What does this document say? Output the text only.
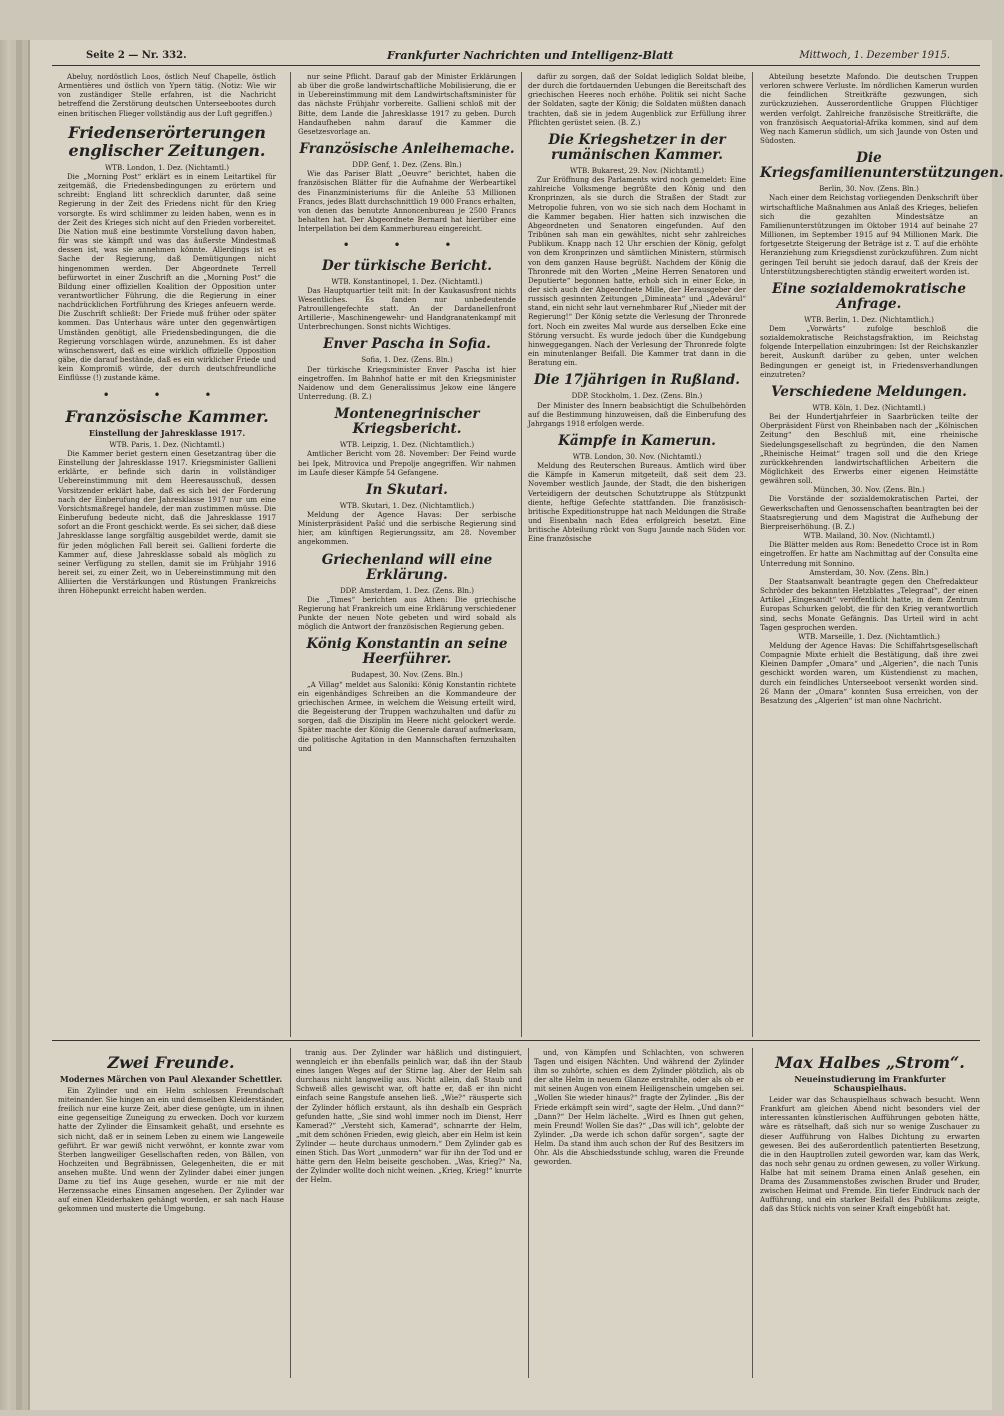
Seite 2 — Nr. 332.	Frankfurter Nachrichten und Intelligenz-Blatt	Mittwoch, 1. Dezember 1915.

Abeluy, nordöstlich Loos, östlich Neuf Chapelle, östlich Armentières und östlich von Ypern tätig. (Notiz: Wie wir von zuständiger Stelle erfahren, ist die Nachricht betreffend die Zerstörung deutschen Unterseebootes durch einen britischen Flieger vollständig aus der Luft gegriffen.)

Friedenserörterungen englischer Zeitungen.
WTB. London, 1. Dez. (Nichtamtl.)

Die „Morning Post“ erklärt es in einem Leitartikel für zeitgemäß, die Friedensbedingungen zu erörtern und schreibt: England litt schrecklich darunter, daß seine Regierung in der Zeit des Friedens nicht für den Krieg vorsorgte. Es wird schlimmer zu leiden haben, wenn es in der Zeit des Krieges sich nicht auf den Frieden vorbereitet. Die Nation muß eine bestimmte Vorstellung davon haben, für was sie kämpft und was das äußerste Mindestmaß dessen ist, was sie annehmen könnte. Allerdings ist es Sache der Regierung, daß Demütigungen nicht hingenommen werden. Der Abgeordnete Terrell befürwortet in einer Zuschrift an die „Morning Post“ die Bildung einer offiziellen Koalition der Opposition unter verantwortlicher Führung, die die Regierung in einer nachdrücklichen Fortführung des Krieges anfeuern werde. Die Zuschrift schließt: Der Friede muß früher oder später kommen. Das Unterhaus wäre unter den gegenwärtigen Umständen genötigt, alle Friedensbedingungen, die die Regierung vorschlagen würde, anzunehmen. Es ist daher wünschenswert, daß es eine wirklich offizielle Opposition gäbe, die darauf bestände, daß es ein wirklicher Friede und kein Kompromiß würde, der durch deutschfreundliche Einflüsse (!) zustande käme.

• • •
Französische Kammer.
Einstellung der Jahresklasse 1917.
WTB. Paris, 1. Dez. (Nichtamtl.)

Die Kammer beriet gestern einen Gesetzantrag über die Einstellung der Jahresklasse 1917. Kriegsminister Gallieni erklärte, er befinde sich darin in vollständiger Uebereinstimmung mit dem Heeresausschuß, dessen Vorsitzender erklärt habe, daß es sich bei der Forderung nach der Einberufung der Jahresklasse 1917 nur um eine Vorsichtsmaßregel handele, der man zustimmen müsse. Die Einberufung bedeute nicht, daß die Jahresklasse 1917 sofort an die Front geschickt werde. Es sei sicher, daß diese Jahresklasse lange sorgfältig ausgebildet werde, damit sie für jeden möglichen Fall bereit sei. Gallieni forderte die Kammer auf, diese Jahresklasse sobald als möglich zu seiner Verfügung zu stellen, damit sie im Frühjahr 1916 bereit sei, zu einer Zeit, wo in Uebereinstimmung mit den Alliierten die Verstärkungen und Rüstungen Frankreichs ihren Höhepunkt erreicht haben werden.

nur seine Pflicht. Darauf gab der Minister Erklärungen ab über die große landwirtschaftliche Mobilisierung, die er in Uebereinstimmung mit dem Landwirtschaftsminister für das nächste Frühjahr vorbereite. Gallieni schloß mit der Bitte, dem Lande die Jahresklasse 1917 zu geben. Durch Handaufheben nahm darauf die Kammer die Gesetzesvorlage an.

Französische Anleihemache.
DDP. Genf, 1. Dez. (Zens. Bln.)

Wie das Pariser Blatt „Oeuvre“ berichtet, haben die französischen Blätter für die Aufnahme der Werbeartikel des Finanzministeriums für die Anleihe 53 Millionen Francs, jedes Blatt durchschnittlich 19 000 Francs erhalten, von denen das benutzte Annoncenbureau je 2500 Francs behalten hat. Der Abgeordnete Bernard hat hierüber eine Interpellation bei dem Kammerbureau eingereicht.

• • •
Der türkische Bericht.
WTB. Konstantinopel, 1. Dez. (Nichtamtl.)

Das Hauptquartier teilt mit: In der Kaukasusfront nichts Wesentliches. Es fanden nur unbedeutende Patrouillengefechte statt. An der Dardanellenfront Artillerie-, Maschinengewehr- und Handgranatenkampf mit Unterbrechungen. Sonst nichts Wichtiges.

Enver Pascha in Sofia.
Sofia, 1. Dez. (Zens. Bln.)

Der türkische Kriegsminister Enver Pascha ist hier eingetroffen. Im Bahnhof hatte er mit den Kriegsminister Naidenow und dem Generalissimus Jekow eine längere Unterredung. (B. Z.)

Montenegrinischer Kriegsbericht.
WTB. Leipzig, 1. Dez. (Nichtamtlich.)

Amtlicher Bericht vom 28. November: Der Feind wurde bei Ipek, Mitrovica und Prepolje angegriffen. Wir nahmen im Laufe dieser Kämpfe 54 Gefangene.

In Skutari.
WTB. Skutari, 1. Dez. (Nichtamtlich.)

Meldung der Agence Havas: Der serbische Ministerpräsident Pašić und die serbische Regierung sind hier, am künftigen Regierungssitz, am 28. November angekommen.

Griechenland will eine Erklärung.
DDP. Amsterdam, 1. Dez. (Zens. Bln.)

Die „Times“ berichten aus Athen: Die griechische Regierung hat Frankreich um eine Erklärung verschiedener Punkte der neuen Note gebeten und wird sobald als möglich die Antwort der französischen Regierung geben.

König Konstantin an seine Heerführer.
Budapest, 30. Nov. (Zens. Bln.)

„A Villag“ meldet aus Saloniki: König Konstantin richtete ein eigenhändiges Schreiben an die Kommandeure der griechischen Armee, in welchem die Weisung erteilt wird, die Begeisterung der Truppen wachzuhalten und dafür zu sorgen, daß die Disziplin im Heere nicht gelockert werde. Später machte der König die Generale darauf aufmerksam, die politische Agitation in den Mannschaften fernzuhalten und

dafür zu sorgen, daß der Soldat lediglich Soldat bleibe, der durch die fortdauernden Uebungen die Bereitschaft des griechischen Heeres noch erhöhe. Politik sei nicht Sache der Soldaten, sagte der König; die Soldaten müßten danach trachten, daß sie in jedem Augenblick zur Erfüllung ihrer Pflichten gerüstet seien. (B. Z.)

Die Kriegshetzer in der rumänischen Kammer.
WTB. Bukarest, 29. Nov. (Nichtamtl.)

Zur Eröffnung des Parlaments wird noch gemeldet: Eine zahlreiche Volksmenge begrüßte den König und den Kronprinzen, als sie durch die Straßen der Stadt zur Metropolie fuhren, von wo sie sich nach dem Hochamt in die Kammer begaben. Hier hatten sich inzwischen die Abgeordneten und Senatoren eingefunden. Auf den Tribünen sah man ein gewähltes, nicht sehr zahlreiches Publikum. Knapp nach 12 Uhr erschien der König, gefolgt von dem Kronprinzen und sämtlichen Ministern, stürmisch von dem ganzen Hause begrüßt. Nachdem der König die Thronrede mit den Worten „Meine Herren Senatoren und Deputierte“ begonnen hatte, erhob sich in einer Ecke, in der sich auch der Abgeordnete Mille, der Herausgeber der russisch gesinnten Zeitungen „Dimineața“ und „Adevărul“ stand, ein nicht sehr laut vernehmbarer Ruf „Nieder mit der Regierung!“ Der König setzte die Verlesung der Thronrede fort. Noch ein zweites Mal wurde aus derselben Ecke eine Störung versucht. Es wurde jedoch über die Kundgebung hinweggegangen. Nach der Verlesung der Thronrede folgte ein minutenlanger Beifall. Die Kammer trat dann in die Beratung ein.

Die 17jährigen in Rußland.
DDP. Stockholm, 1. Dez. (Zens. Bln.)

Der Minister des Innern beabsichtigt die Schulbehörden auf die Bestimmung hinzuweisen, daß die Einberufung des Jahrgangs 1918 erfolgen werde.

Kämpfe in Kamerun.
WTB. London, 30. Nov. (Nichtamtl.)

Meldung des Reuterschen Bureaus. Amtlich wird über die Kämpfe in Kamerun mitgeteilt, daß seit dem 23. November westlich Jaunde, der Stadt, die den bisherigen Verteidigern der deutschen Schutztruppe als Stützpunkt diente, heftige Gefechte stattfanden. Die französisch-britische Expeditionstruppe hat nach Meldungen die Straße und Eisenbahn nach Edea erfolgreich besetzt. Eine britische Abteilung rückt von Sugu Jaunde nach Süden vor. Eine französische

Abteilung besetzte Mafondo. Die deutschen Truppen verloren schwere Verluste. Im nördlichen Kamerun wurden die feindlichen Streitkräfte gezwungen, sich zurückzuziehen. Ausserordentliche Gruppen Flüchtiger werden verfolgt. Zahlreiche französische Streitkräfte, die von französisch Aequatorial-Afrika kommen, sind auf dem Weg nach Kamerun südlich, um sich Jaunde von Osten und Südosten.

Die Kriegsfamilienunterstützungen.
Berlin, 30. Nov. (Zens. Bln.)

Nach einer dem Reichstag vorliegenden Denkschrift über wirtschaftliche Maßnahmen aus Anlaß des Krieges, beliefen sich die gezahlten Mindestsätze an Familienunterstützungen im Oktober 1914 auf beinahe 27 Millionen, im September 1915 auf 94 Millionen Mark. Die fortgesetzte Steigerung der Beträge ist z. T. auf die erhöhte Heranziehung zum Kriegsdienst zurückzuführen. Zum nicht geringen Teil beruht sie jedoch darauf, daß der Kreis der Unterstützungsberechtigten ständig erweitert worden ist.

Eine sozialdemokratische Anfrage.
WTB. Berlin, 1. Dez. (Nichtamtlich.)

Dem „Vorwärts“ zufolge beschloß die sozialdemokratische Reichstagsfraktion, im Reichstag folgende Interpellation einzubringen: Ist der Reichskanzler bereit, Auskunft darüber zu geben, unter welchen Bedingungen er geneigt ist, in Friedensverhandlungen einzutreten?

Verschiedene Meldungen.
WTB. Köln, 1. Dez. (Nichtamtl.)

Bei der Hundertjahrfeier in Saarbrücken teilte der Oberpräsident Fürst von Rheinbaben nach der „Kölnischen Zeitung“ den Beschluß mit, eine rheinische Siedelungsgesellschaft zu begründen, die den Namen „Rheinische Heimat“ tragen soll und die den Kriege zurückkehrenden landwirtschaftlichen Arbeitern die Möglichkeit des Erwerbs einer eigenen Heimstätte gewähren soll.

München, 30. Nov. (Zens. Bln.)

Die Vorstände der sozialdemokratischen Partei, der Gewerkschaften und Genossenschaften beantragten bei der Staatsregierung und dem Magistrat die Aufhebung der Bierpreiserhöhung. (B. Z.)

WTB. Mailand, 30. Nov. (Nichtamtl.)

Die Blätter melden aus Rom: Benedetto Croce ist in Rom eingetroffen. Er hatte am Nachmittag auf der Consulta eine Unterredung mit Sonnino.

Amsterdam, 30. Nov. (Zens. Bln.)

Der Staatsanwalt beantragte gegen den Chefredakteur Schröder des bekannten Hetzblattes „Telegraaf“, der einen Artikel „Eingesandt“ veröffentlicht hatte, in dem Zentrum Europas Schurken gelobt, die für den Krieg verantwortlich sind, sechs Monate Gefängnis. Das Urteil wird in acht Tagen gesprochen werden.

WTB. Marseille, 1. Dez. (Nichtamtlich.)

Meldung der Agence Havas: Die Schiffahrtsgesellschaft Compagnie Mixte erhielt die Bestätigung, daß ihre zwei Kleinen Dampfer „Omara“ und „Algerien“, die nach Tunis geschickt worden waren, um Küstendienst zu machen, durch ein feindliches Unterseeboot versenkt worden sind. 26 Mann der „Omara“ konnten Susa erreichen, von der Besatzung des „Algerien“ ist man ohne Nachricht.

Zwei Freunde.
Modernes Märchen von Paul Alexander Schettler.

Ein Zylinder und ein Helm schlossen Freundschaft miteinander. Sie hingen an ein und demselben Kleiderständer, freilich nur eine kurze Zeit, aber diese genügte, um in ihnen eine gegenseitige Zuneigung zu erwecken. Doch vor kurzem hatte der Zylinder die Einsamkeit gehaßt, und ersehnte es sich nicht, daß er in seinem Leben zu einem wie Langeweile geführt. Er war gewiß nicht verwöhnt, er konnte zwar vom Sterben langweiliger Gesellschaften reden, von Bällen, von Hochzeiten und Begräbnissen, Gelegenheiten, die er mit ansehen mußte. Und wenn der Zylinder dabei einer jungen Dame zu tief ins Auge gesehen, wurde er nie mit der Herzenssache eines Einsamen angesehen. Der Zylinder war auf einen Kleiderhaken gehängt worden, er sah nach Hause gekommen und musterte die Umgebung.

tranig aus. Der Zylinder war häßlich und distinguiert, wenngleich er ihn ebenfalls peinlich war, daß ihn der Staub eines langen Weges auf der Stirne lag. Aber der Helm sah durchaus nicht langweilig aus. Nicht allein, daß Staub und Schweiß alles gewischt war, oft hatte er, daß er ihn nicht einfach seine Rangstufe ansehen ließ. „Wie?“ räusperte sich der Zylinder höflich erstaunt, als ihn deshalb ein Gespräch gefunden hatte, „Sie sind wohl immer noch im Dienst, Herr Kamerad?“ „Versteht sich, Kamerad“, schnarrte der Helm, „mit dem schönen Frieden, ewig gleich, aber ein Helm ist kein Zylinder — heute durchaus unmodern.“ Dem Zylinder gab es einen Stich. Das Wort „unmodern“ war für ihn der Tod und er hätte gern den Helm beiseite geschoben. „Was, Krieg?“ Na, der Zylinder wollte doch nicht weinen. „Krieg, Krieg!“ knurrte der Helm.

und, von Kämpfen und Schlachten, von schweren Tagen und eisigen Nächten. Und während der Zylinder ihm so zuhörte, schien es dem Zylinder plötzlich, als ob der alte Helm in neuem Glanze erstrahlte, oder als ob er mit seinen Augen von einem Heiligenschein umgeben sei. „Wollen Sie wieder hinaus?“ fragte der Zylinder. „Bis der Friede erkämpft sein wird“, sagte der Helm. „Und dann?“ „Dann?“ Der Helm lächelte. „Wird es Ihnen gut gehen, mein Freund! Wollen Sie das?“ „Das will ich“, gelobte der Zylinder. „Da werde ich schon dafür sorgen“, sagte der Helm. Da stand ihm auch schon der Ruf des Besitzers im Ohr. Als die Abschiedsstunde schlug, waren die Freunde geworden.

Max Halbes „Strom“.
Neueinstudierung im Frankfurter Schauspielhaus.

Leider war das Schauspielhaus schwach besucht. Wenn Frankfurt am gleichen Abend nicht besonders viel der interessanten künstlerischen Aufführungen geboten hätte, wäre es rätselhaft, daß sich nur so wenige Zuschauer zu dieser Aufführung von Halbes Dichtung zu erwarten gewesen. Bei des außerordentlich patentierten Besetzung, die in den Hauptrollen zuteil geworden war, kam das Werk, das noch sehr genau zu ordnen gewesen, zu voller Wirkung. Halbe hat mit seinem Drama einen Anlaß gesehen, ein Drama des Zusammenstoßes zwischen Bruder und Bruder, zwischen Heimat und Fremde. Ein tiefer Eindruck nach der Aufführung, und ein starker Beifall des Publikums zeigte, daß das Stück nichts von seiner Kraft eingebüßt hat.
